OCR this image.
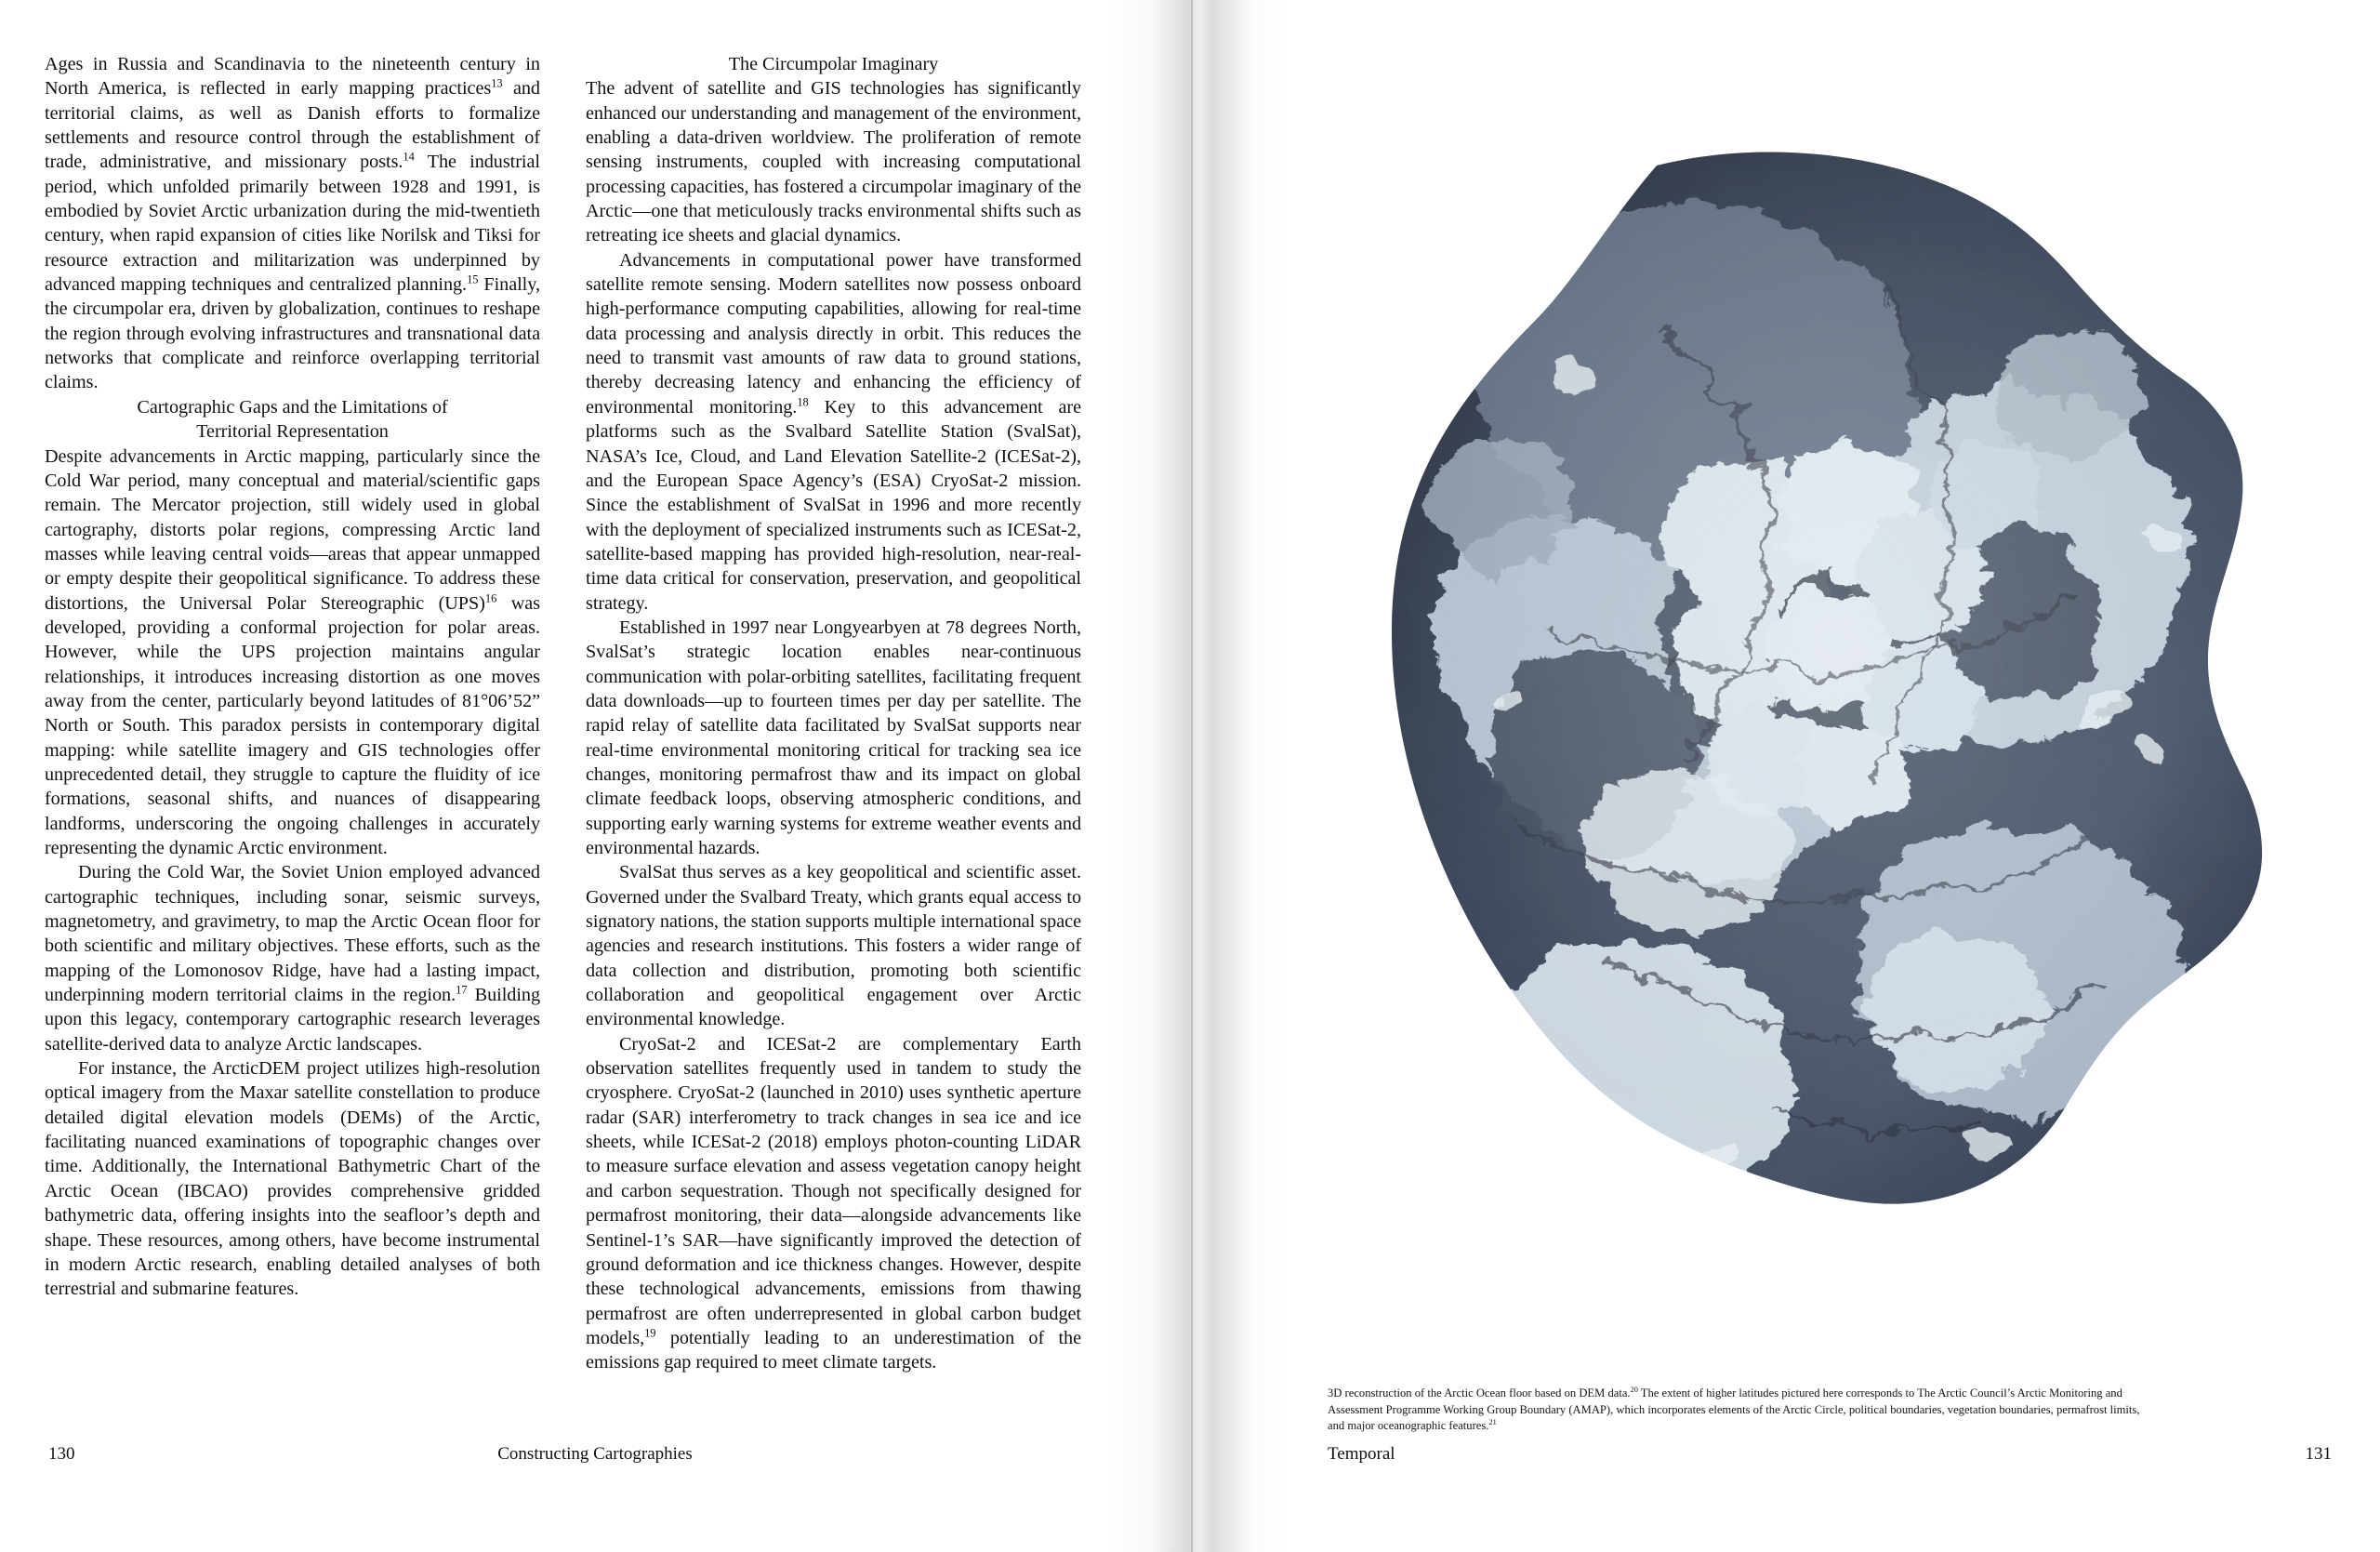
Ages in Russia and Scandinavia to the nineteenth century in North America, is reflected in early mapping practices$^{13}$ and territorial claims, as well as Danish efforts to formalize settlements and resource control through the establishment of trade, administrative, and missionary posts.$^{14}$ The industrial period, which unfolded primarily between 1928 and 1991, is embodied by Soviet Arctic urbanization during the mid-twentieth century, when rapid expansion of cities like Norilsk and Tiksi for resource extraction and militarization was underpinned by advanced mapping techniques and centralized planning.$^{15}$ Finally, the circumpolar era, driven by globalization, continues to reshape the region through evolving infrastructures and transnational data networks that complicate and reinforce overlapping territorial claims.

Cartographic Gaps and the Limitations of

Territorial Representation

Despite advancements in Arctic mapping, particularly since the Cold War period, many conceptual and material/scientific gaps remain. The Mercator projection, still widely used in global cartography, distorts polar regions, compressing Arctic land masses while leaving central voids—areas that appear unmapped or empty despite their geopolitical significance. To address these distortions, the Universal Polar Stereographic (UPS)$^{16}$ was developed, providing a conformal projection for polar areas. However, while the UPS projection maintains angular relationships, it introduces increasing distortion as one moves away from the center, particularly beyond latitudes of 81°06’52” North or South. This paradox persists in contemporary digital mapping: while satellite imagery and GIS technologies offer unprecedented detail, they struggle to capture the fluidity of ice formations, seasonal shifts, and nuances of disappearing landforms, underscoring the ongoing challenges in accurately representing the dynamic Arctic environment.

During the Cold War, the Soviet Union employed advanced cartographic techniques, including sonar, seismic surveys, magnetometry, and gravimetry, to map the Arctic Ocean floor for both scientific and military objectives. These efforts, such as the mapping of the Lomonosov Ridge, have had a lasting impact, underpinning modern territorial claims in the region.$^{17}$ Building upon this legacy, contemporary cartographic research leverages satellite-derived data to analyze Arctic landscapes.

For instance, the ArcticDEM project utilizes high-resolution optical imagery from the Maxar satellite constellation to produce detailed digital elevation models (DEMs) of the Arctic, facilitating nuanced examinations of topographic changes over time. Additionally, the International Bathymetric Chart of the Arctic Ocean (IBCAO) provides comprehensive gridded bathymetric data, offering insights into the seafloor’s depth and shape. These resources, among others, have become instrumental in modern Arctic research, enabling detailed analyses of both terrestrial and submarine features.

The Circumpolar Imaginary

The advent of satellite and GIS technologies has significantly enhanced our understanding and management of the environment, enabling a data-driven worldview. The proliferation of remote sensing instruments, coupled with increasing computational processing capacities, has fostered a circumpolar imaginary of the Arctic—one that meticulously tracks environmental shifts such as retreating ice sheets and glacial dynamics.

Advancements in computational power have transformed satellite remote sensing. Modern satellites now possess onboard high-performance computing capabilities, allowing for real-time data processing and analysis directly in orbit. This reduces the need to transmit vast amounts of raw data to ground stations, thereby decreasing latency and enhancing the efficiency of environmental monitoring.$^{18}$ Key to this advancement are platforms such as the Svalbard Satellite Station (SvalSat), NASA’s Ice, Cloud, and Land Elevation Satellite-2 (ICESat-2), and the European Space Agency’s (ESA) CryoSat-2 mission. Since the establishment of SvalSat in 1996 and more recently with the deployment of specialized instruments such as ICESat-2, satellite-based mapping has provided high-resolution, near-real-time data critical for conservation, preservation, and geopolitical strategy.

Established in 1997 near Longyearbyen at 78 degrees North, SvalSat’s strategic location enables near-continuous communication with polar-orbiting satellites, facilitating frequent data downloads—up to fourteen times per day per satellite. The rapid relay of satellite data facilitated by SvalSat supports near real-time environmental monitoring critical for tracking sea ice changes, monitoring permafrost thaw and its impact on global climate feedback loops, observing atmospheric conditions, and supporting early warning systems for extreme weather events and environmental hazards.

SvalSat thus serves as a key geopolitical and scientific asset. Governed under the Svalbard Treaty, which grants equal access to signatory nations, the station supports multiple international space agencies and research institutions. This fosters a wider range of data collection and distribution, promoting both scientific collaboration and geopolitical engagement over Arctic environmental knowledge.

CryoSat-2 and ICESat-2 are complementary Earth observation satellites frequently used in tandem to study the cryosphere. CryoSat-2 (launched in 2010) uses synthetic aperture radar (SAR) interferometry to track changes in sea ice and ice sheets, while ICESat-2 (2018) employs photon-counting LiDAR to measure surface elevation and assess vegetation canopy height and carbon sequestration. Though not specifically designed for permafrost monitoring, their data—alongside advancements like Sentinel-1’s SAR—have significantly improved the detection of ground deformation and ice thickness changes. However, despite these technological advancements, emissions from thawing permafrost are often underrepresented in global carbon budget models,$^{19}$ potentially leading to an underestimation of the emissions gap required to meet climate targets.

3D reconstruction of the Arctic Ocean floor based on DEM data.$^{20}$ The extent of higher latitudes pictured here corresponds to The Arctic Council’s Arctic Monitoring and Assessment Programme Working Group Boundary (AMAP), which incorporates elements of the Arctic Circle, political boundaries, vegetation boundaries, permafrost limits, and major oceanographic features.$^{21}$
130	Constructing Cartographies	Temporal	131
